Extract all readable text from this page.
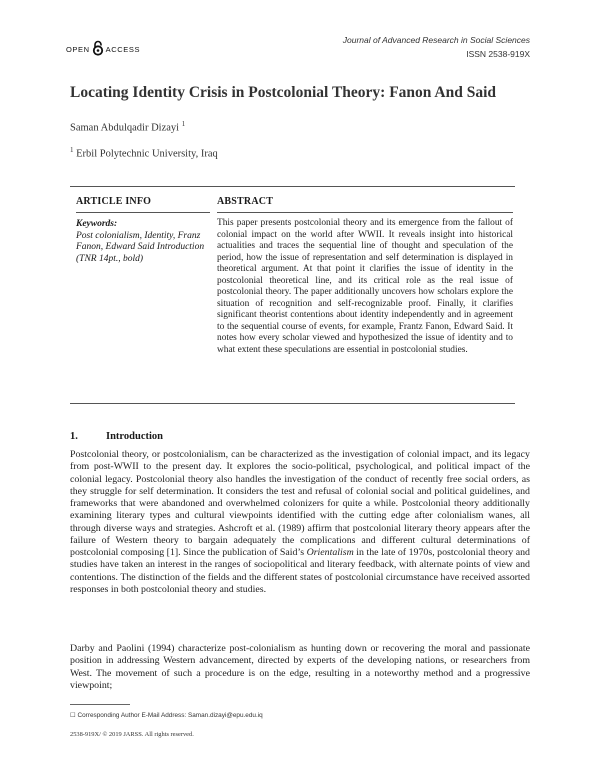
OPEN ACCESS
Journal of Advanced Research in Social Sciences
ISSN 2538-919X
Locating Identity Crisis in Postcolonial Theory: Fanon And Said
Saman Abdulqadir Dizayi $^1$
$^1$ Erbil Polytechnic University, Iraq
ARTICLE INFO	ABSTRACT
Keywords:
Post colonialism, Identity, Franz Fanon, Edward Said Introduction (TNR 14pt., bold)
This paper presents postcolonial theory and its emergence from the fallout of colonial impact on the world after WWII. It reveals insight into historical actualities and traces the sequential line of thought and speculation of the period, how the issue of representation and self determination is displayed in theoretical argument. At that point it clarifies the issue of identity in the postcolonial theoretical line, and its critical role as the real issue of postcolonial theory. The paper additionally uncovers how scholars explore the situation of recognition and self-recognizable proof. Finally, it clarifies significant theorist contentions about identity independently and in agreement to the sequential course of events, for example, Frantz Fanon, Edward Said. It notes how every scholar viewed and hypothesized the issue of identity and to what extent these speculations are essential in postcolonial studies.
1.	Introduction
Postcolonial theory, or postcolonialism, can be characterized as the investigation of colonial impact, and its legacy from post-WWII to the present day. It explores the socio-political, psychological, and political impact of the colonial legacy. Postcolonial theory also handles the investigation of the conduct of recently free social orders, as they struggle for self determination. It considers the test and refusal of colonial social and political guidelines, and frameworks that were abandoned and overwhelmed colonizers for quite a while. Postcolonial theory additionally examining literary types and cultural viewpoints identified with the cutting edge after colonialism wanes, all through diverse ways and strategies. Ashcroft et al. (1989) affirm that postcolonial literary theory appears after the failure of Western theory to bargain adequately the complications and different cultural determinations of postcolonial composing [1]. Since the publication of Said’s Orientalism in the late of 1970s, postcolonial theory and studies have taken an interest in the ranges of sociopolitical and literary feedback, with alternate points of view and contentions. The distinction of the fields and the different states of postcolonial circumstance have received assorted responses in both postcolonial theory and studies.
Darby and Paolini (1994) characterize post-colonialism as hunting down or recovering the moral and passionate position in addressing Western advancement, directed by experts of the developing nations, or researchers from West. The movement of such a procedure is on the edge, resulting in a noteworthy method and a progressive viewpoint;
☐ Corresponding Author E-Mail Address: Saman.dizayi@epu.edu.iq
2538-919X/ © 2019 JARSS. All rights reserved.
